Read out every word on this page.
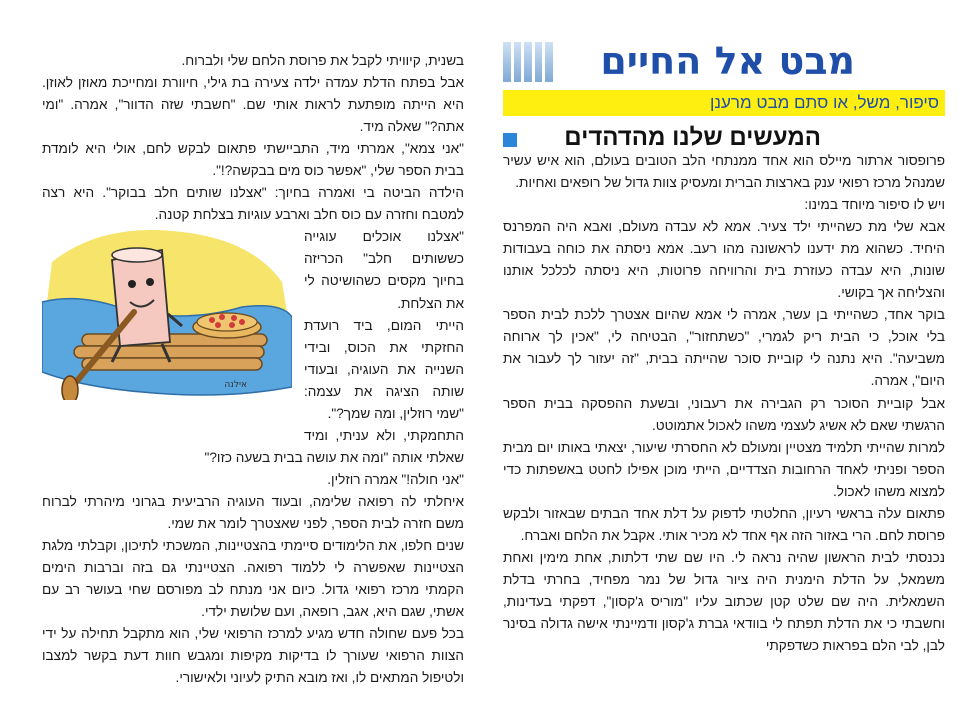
מבט אל החיים
סיפור, משל, או סתם מבט מרענן
המעשים שלנו מהדהדים

פרופסור ארתור מיילס הוא אחד ממנתחי הלב הטובים בעולם, הוא איש עשיר שמנהל מרכז רפואי ענק בארצות הברית ומעסיק צוות גדול של רופאים ואחיות.

ויש לו סיפור מיוחד במינו:

אבא שלי מת כשהייתי ילד צעיר. אמא לא עבדה מעולם, ואבא היה המפרנס היחיד. כשהוא מת ידענו לראשונה מהו רעב. אמא ניסתה את כוחה בעבודות שונות, היא עבדה כעוזרת בית והרוויחה פרוטות, היא ניסתה לכלכל אותנו והצליחה אך בקושי.

בוקר אחד, כשהייתי בן עשר, אמרה לי אמא שהיום אצטרך ללכת לבית הספר בלי אוכל, כי הבית ריק לגמרי, "כשתחזור", הבטיחה לי, "אכין לך ארוחה משביעה". היא נתנה לי קוביית סוכר שהייתה בבית, "זה יעזור לך לעבור את היום", אמרה.

אבל קוביית הסוכר רק הגבירה את רעבוני, ובשעת ההפסקה בבית הספר הרגשתי שאם לא אשיג לעצמי משהו לאכול אתמוטט.

למרות שהייתי תלמיד מצטיין ומעולם לא החסרתי שיעור, יצאתי באותו יום מבית הספר ופניתי לאחד הרחובות הצדדיים, הייתי מוכן אפילו לחטט באשפתות כדי למצוא משהו לאכול.

פתאום עלה בראשי רעיון, החלטתי לדפוק על דלת אחד הבתים שבאזור ולבקש פרוסת לחם. הרי באזור הזה אף אחד לא מכיר אותי. אקבל את הלחם ואברח.

נכנסתי לבית הראשון שהיה נראה לי. היו שם שתי דלתות, אחת מימין ואחת משמאל, על הדלת הימנית היה ציור גדול של נמר מפחיד, בחרתי בדלת השמאלית. היה שם שלט קטן שכתוב עליו "מוריס ג'קסון", דפקתי בעדינות, וחשבתי כי את הדלת תפתח לי בוודאי גברת ג'קסון ודמיינתי אישה גדולה בסינר לבן, לבי הלם בפראות כשדפקתי

בשנית, קיוויתי לקבל את פרוסת הלחם שלי ולברוח.

אבל בפתח הדלת עמדה ילדה צעירה בת גילי, חיוורת ומחייכת מאוזן לאוזן. היא הייתה מופתעת לראות אותי שם. "חשבתי שזה הדוור", אמרה. "ומי אתה?" שאלה מיד.

"אני צמא", אמרתי מיד, התביישתי פתאום לבקש לחם, אולי היא לומדת בבית הספר שלי, "אפשר כוס מים בבקשה?!".

הילדה הביטה בי ואמרה בחיוך: "אצלנו שותים חלב בבוקר". היא רצה למטבח וחזרה עם כוס חלב וארבע עוגיות בצלחת קטנה.

"אצלנו אוכלים עוגייה כששותים חלב" הכריזה בחיוך מקסים כשהושיטה לי את הצלחת.

הייתי המום, ביד רועדת החזקתי את הכוס, ובידי השנייה את העוגיה, ובעודי שותה הציגה את עצמה: "שמי רוזלין, ומה שמך?".

התחמקתי, ולא עניתי, ומיד שאלתי אותה "ומה את עושה בבית בשעה כזו?"

"אני חולה!" אמרה רוזלין.

איחלתי לה רפואה שלימה, ובעוד העוגיה הרביעית בגרוני מיהרתי לברוח משם חזרה לבית הספר, לפני שאצטרך לומר את שמי.

שנים חלפו, את הלימודים סיימתי בהצטיינות, המשכתי לתיכון, וקבלתי מלגת הצטיינות שאפשרה לי ללמוד רפואה. הצטיינתי גם בזה וברבות הימים הקמתי מרכז רפואי גדול. כיום אני מנתח לב מפורסם שחי בעושר רב עם אשתי, שגם היא, אגב, רופאה, ועם שלושת ילדי.

בכל פעם שחולה חדש מגיע למרכז הרפואי שלי, הוא מתקבל תחילה על ידי הצוות הרפואי שעורך לו בדיקות מקיפות ומגבש חוות דעת בקשר למצבו ולטיפול המתאים לו, ואז מובא התיק לעיוני ולאישורי.

אילנה
